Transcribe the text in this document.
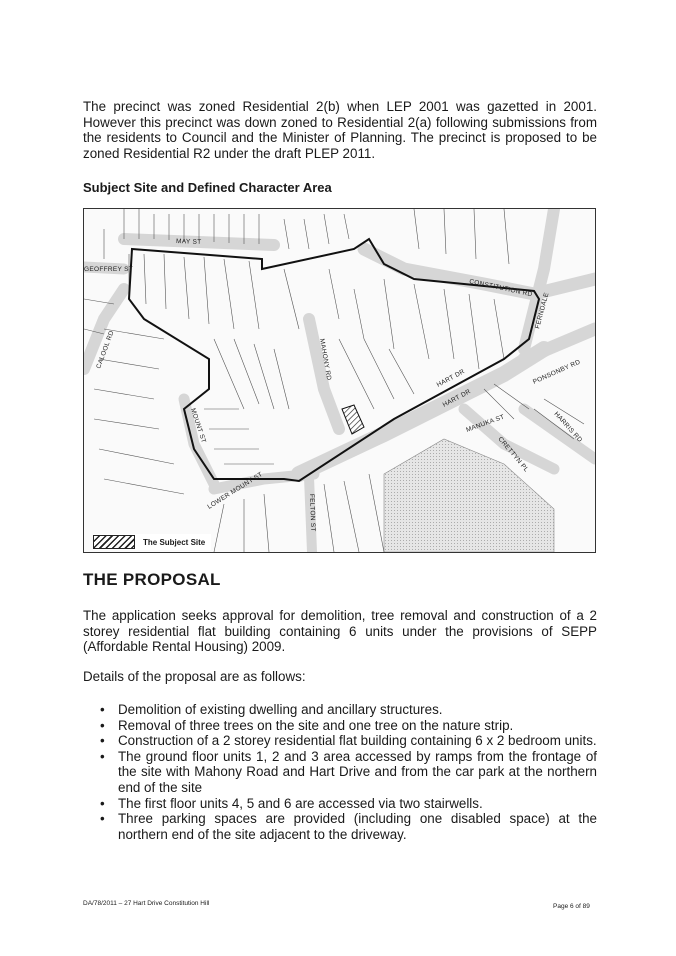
The precinct was zoned Residential 2(b) when LEP 2001 was gazetted in 2001. However this precinct was down zoned to Residential 2(a) following submissions from the residents to Council and the Minister of Planning. The precinct is proposed to be zoned Residential R2 under the draft PLEP 2011.

Subject Site and Defined Character Area

MAY ST
GEOFFREY ST
CALOOL RD
CONSTITUTION RD
FERNDALE
HART DR
HART DR
MAHONY RD
MOUNT ST
LOWER MOUNT ST
FELTON ST
MANUKA ST
CRETTYN PL
PONSONBY RD
HARRIS RD
The Subject Site
THE PROPOSAL

The application seeks approval for demolition, tree removal and construction of a 2 storey residential flat building containing 6 units under the provisions of SEPP (Affordable Rental Housing) 2009.

Details of the proposal are as follows:

• Demolition of existing dwelling and ancillary structures.
• Removal of three trees on the site and one tree on the nature strip.
• Construction of a 2 storey residential flat building containing 6 x 2 bedroom units.
• The ground floor units 1, 2 and 3 area accessed by ramps from the frontage of the site with Mahony Road and Hart Drive and from the car park at the northern end of the site
• The first floor units 4, 5 and 6 are accessed via two stairwells.
• Three parking spaces are provided (including one disabled space) at the northern end of the site adjacent to the driveway.
DA/78/2011 – 27 Hart Drive Constitution Hill	Page 6 of 89
